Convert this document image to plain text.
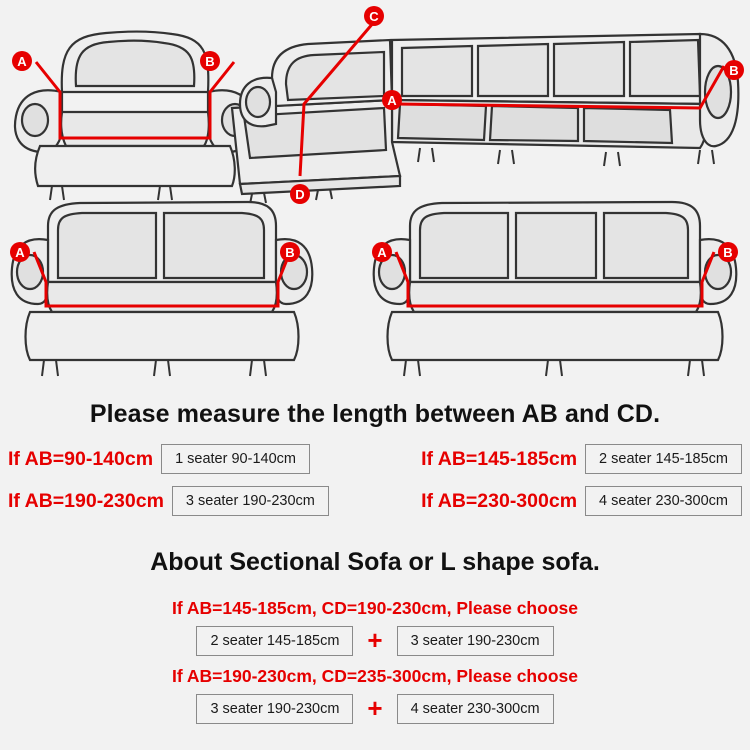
A	B
C
D
A
B
A	B	A	B
Please measure the length between AB and CD.
If AB=90-140cm	1 seater 90-140cm	If AB=145-185cm	2 seater 145-185cm
If AB=190-230cm	3 seater 190-230cm	If AB=230-300cm	4 seater 230-300cm
About Sectional Sofa or L shape sofa.
If AB=145-185cm, CD=190-230cm, Please choose
2 seater 145-185cm	+	3 seater 190-230cm
If AB=190-230cm, CD=235-300cm, Please choose
3 seater 190-230cm	+	4 seater 230-300cm
